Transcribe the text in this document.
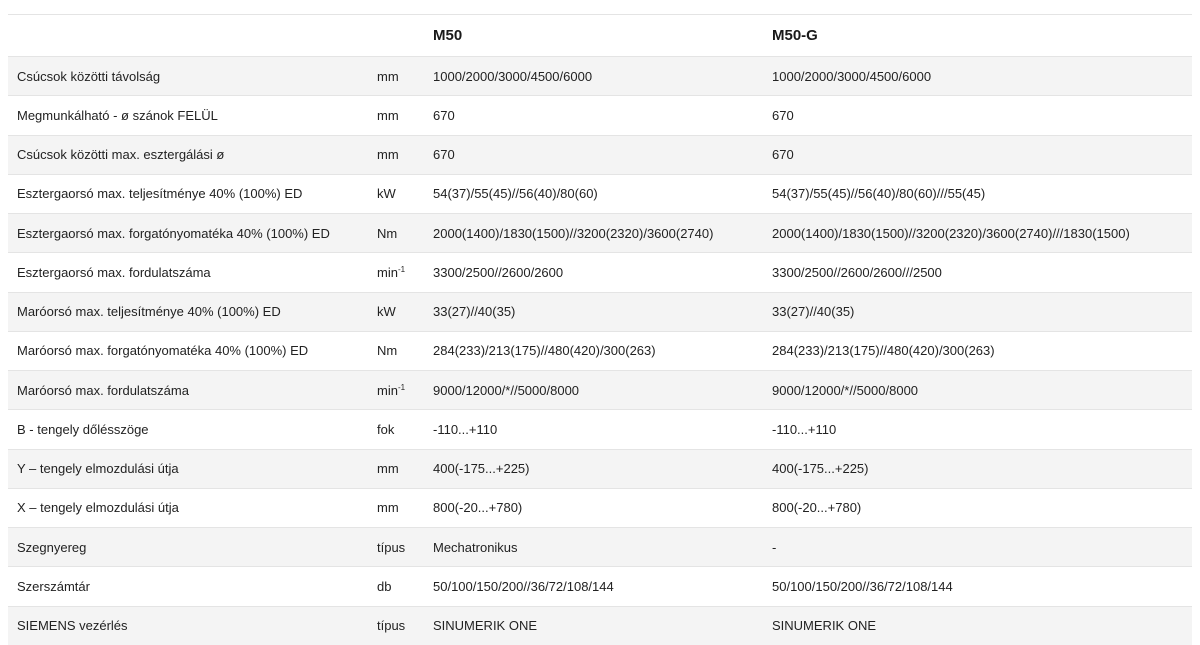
		M50	M50-G
Csúcsok közötti távolság	mm	1000/2000/3000/4500/6000	1000/2000/3000/4500/6000
Megmunkálható - ø szánok FELÜL	mm	670	670
Csúcsok közötti max. esztergálási ø	mm	670	670
Esztergaorsó max. teljesítménye 40% (100%) ED	kW	54(37)/55(45)//56(40)/80(60)	54(37)/55(45)//56(40)/80(60)///55(45)
Esztergaorsó max. forgatónyomatéka 40% (100%) ED	Nm	2000(1400)/1830(1500)//3200(2320)/3600(2740)	2000(1400)/1830(1500)//3200(2320)/3600(2740)///1830(1500)
Esztergaorsó max. fordulatszáma	$\min^{-1}$	3300/2500//2600/2600	3300/2500//2600/2600///2500
Maróorsó max. teljesítménye 40% (100%) ED	kW	33(27)//40(35)	33(27)//40(35)
Maróorsó max. forgatónyomatéka 40% (100%) ED	Nm	284(233)/213(175)//480(420)/300(263)	284(233)/213(175)//480(420)/300(263)
Maróorsó max. fordulatszáma	$\min^{-1}$	9000/12000/*//5000/8000	9000/12000/*//5000/8000
B - tengely dőlésszöge	fok	-110...+110	-110...+110
Y – tengely elmozdulási útja	mm	400(-175...+225)	400(-175...+225)
X – tengely elmozdulási útja	mm	800(-20...+780)	800(-20...+780)
Szegnyereg	típus	Mechatronikus	-
Szerszámtár	db	50/100/150/200//36/72/108/144	50/100/150/200//36/72/108/144
SIEMENS vezérlés	típus	SINUMERIK ONE	SINUMERIK ONE
